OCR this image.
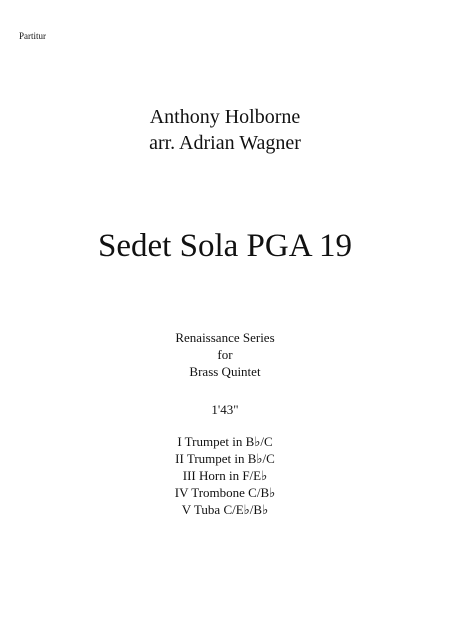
Partitur
Anthony Holborne
arr. Adrian Wagner
Sedet Sola PGA 19
Renaissance Series
for
Brass Quintet
1'43"
I Trumpet in B♭/C
II Trumpet in B♭/C
III Horn in F/E♭
IV Trombone C/B♭
V Tuba C/E♭/B♭
